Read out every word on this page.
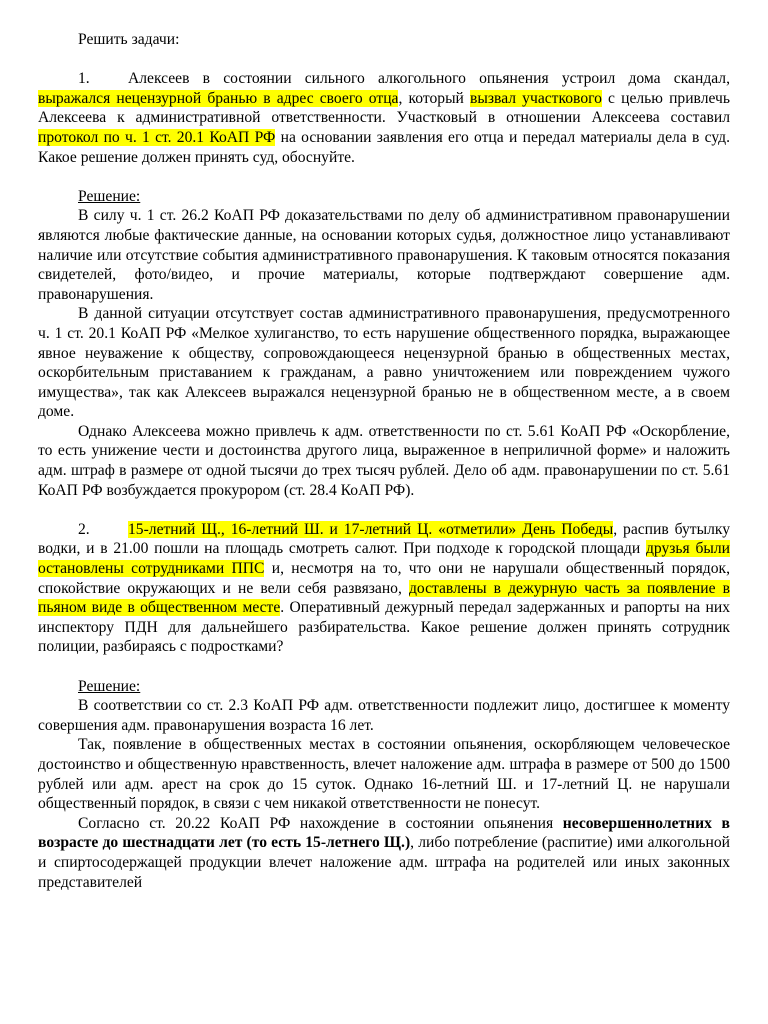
Решить задачи:

1. Алексеев в состоянии сильного алкогольного опьянения устроил дома скандал, выражался нецензурной бранью в адрес своего отца, который вызвал участкового с целью привлечь Алексеева к административной ответственности. Участковый в отношении Алексеева составил протокол по ч. 1 ст. 20.1 КоАП РФ на основании заявления его отца и передал материалы дела в суд. Какое решение должен принять суд, обоснуйте.

Решение:

В силу ч. 1 ст. 26.2 КоАП РФ доказательствами по делу об административном правонарушении являются любые фактические данные, на основании которых судья, должностное лицо устанавливают наличие или отсутствие события административного правонарушения. К таковым относятся показания свидетелей, фото/видео, и прочие материалы, которые подтверждают совершение адм. правонарушения.

В данной ситуации отсутствует состав административного правонарушения, предусмотренного ч. 1 ст. 20.1 КоАП РФ «Мелкое хулиганство, то есть нарушение общественного порядка, выражающее явное неуважение к обществу, сопровождающееся нецензурной бранью в общественных местах, оскорбительным приставанием к гражданам, а равно уничтожением или повреждением чужого имущества», так как Алексеев выражался нецензурной бранью не в общественном месте, а в своем доме.

Однако Алексеева можно привлечь к адм. ответственности по ст. 5.61 КоАП РФ «Оскорбление, то есть унижение чести и достоинства другого лица, выраженное в неприличной форме» и наложить адм. штраф в размере от одной тысячи до трех тысяч рублей. Дело об адм. правонарушении по ст. 5.61 КоАП РФ возбуждается прокурором (ст. 28.4 КоАП РФ).

2. 15-летний Щ., 16-летний Ш. и 17-летний Ц. «отметили» День Победы, распив бутылку водки, и в 21.00 пошли на площадь смотреть салют. При подходе к городской площади друзья были остановлены сотрудниками ППС и, несмотря на то, что они не нарушали общественный порядок, спокойствие окружающих и не вели себя развязано, доставлены в дежурную часть за появление в пьяном виде в общественном месте. Оперативный дежурный передал задержанных и рапорты на них инспектору ПДН для дальнейшего разбирательства. Какое решение должен принять сотрудник полиции, разбираясь с подростками?

Решение:

В соответствии со ст. 2.3 КоАП РФ адм. ответственности подлежит лицо, достигшее к моменту совершения адм. правонарушения возраста 16 лет.

Так, появление в общественных местах в состоянии опьянения, оскорбляющем человеческое достоинство и общественную нравственность, влечет наложение адм. штрафа в размере от 500 до 1500 рублей или адм. арест на срок до 15 суток. Однако 16-летний Ш. и 17-летний Ц. не нарушали общественный порядок, в связи с чем никакой ответственности не понесут.

Согласно ст. 20.22 КоАП РФ нахождение в состоянии опьянения несовершеннолетних в возрасте до шестнадцати лет (то есть 15-летнего Щ.), либо потребление (распитие) ими алкогольной и спиртосодержащей продукции влечет наложение адм. штрафа на родителей или иных законных представителей
